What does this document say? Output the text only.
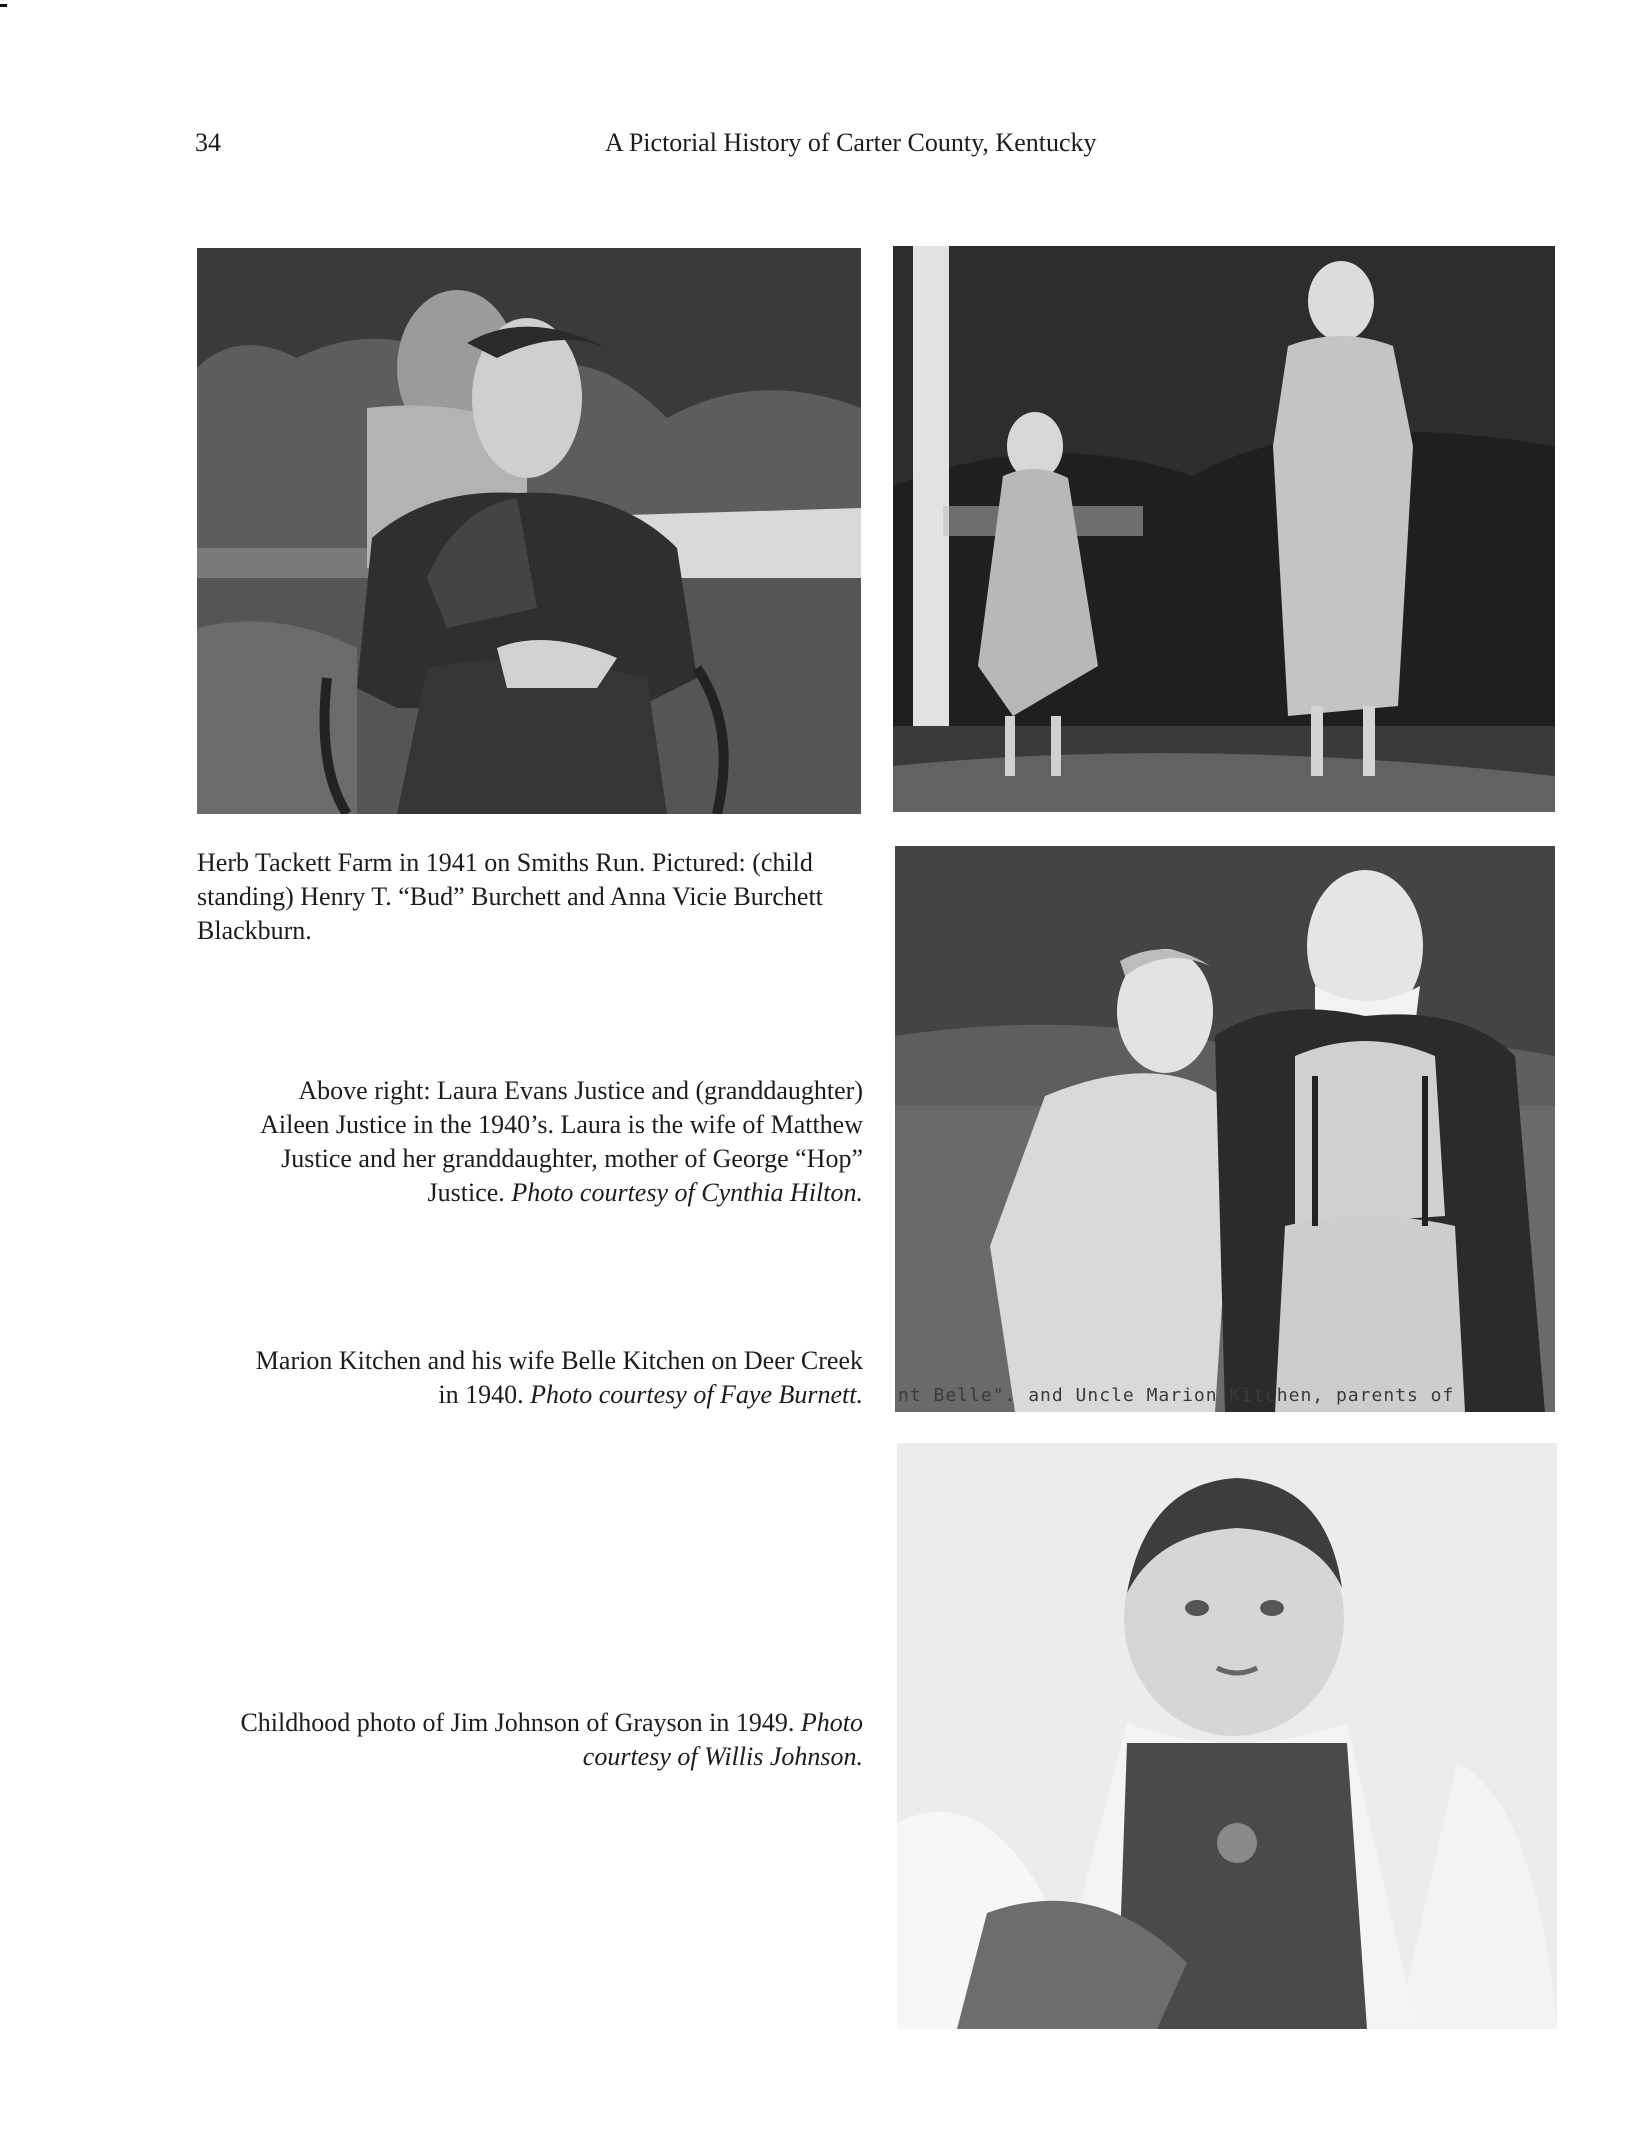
34	A Pictorial History of Carter County, Kentucky
nt Belle". and Uncle Marion Kitchen, parents of
Herb Tackett Farm in 1941 on Smiths Run. Pictured: (child
standing) Henry T. “Bud” Burchett and Anna Vicie Burchett
Blackburn.
Above right: Laura Evans Justice and (granddaughter)
Aileen Justice in the 1940’s. Laura is the wife of Matthew
Justice and her granddaughter, mother of George “Hop”
Justice. Photo courtesy of Cynthia Hilton.
Marion Kitchen and his wife Belle Kitchen on Deer Creek
in 1940. Photo courtesy of Faye Burnett.
Childhood photo of Jim Johnson of Grayson in 1949. Photo
courtesy of Willis Johnson.
